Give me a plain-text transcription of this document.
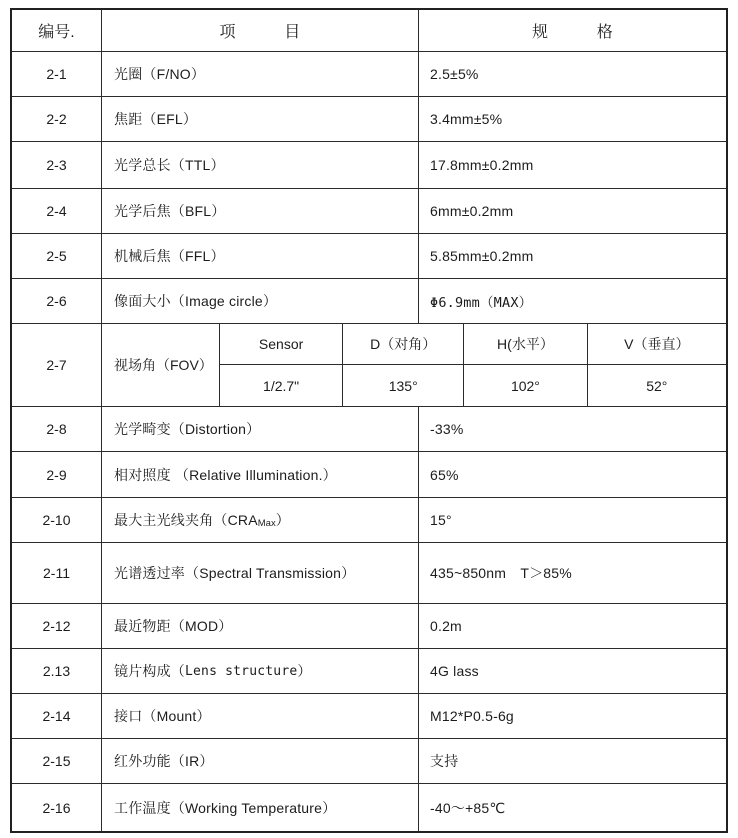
编号.	项　　　目	规　　　格
2-1	光圈（F/NO）	2.5±5%
2-2	焦距（EFL）	3.4mm±5%
2-3	光学总长（TTL）	17.8mm±0.2mm
2-4	光学后焦（BFL）	6mm±0.2mm
2-5	机械后焦（FFL）	5.85mm±0.2mm
2-6	像面大小（Image circle）	Φ6.9mm（MAX）
2-7	视场角（FOV）
Sensor	D（对角）	H(水平）	V（垂直）
1/2.7"	135°	102°	52°
2-8	光学畸变（Distortion）	-33%
2-9	相对照度 （Relative Illumination.）	65%
2-10	最大主光线夹角（CRA Max ）	15°
2-11	光谱透过率（Spectral Transmission）	435~850nm　T＞85%
2-12	最近物距（MOD）	0.2m
2.13	镜片构成（ Lens structure ）	4G lass
2-14	接口（Mount）	M12*P0.5-6g
2-15	红外功能（IR）	支持
2-16	工作温度（Working Temperature）	-40～+85℃
